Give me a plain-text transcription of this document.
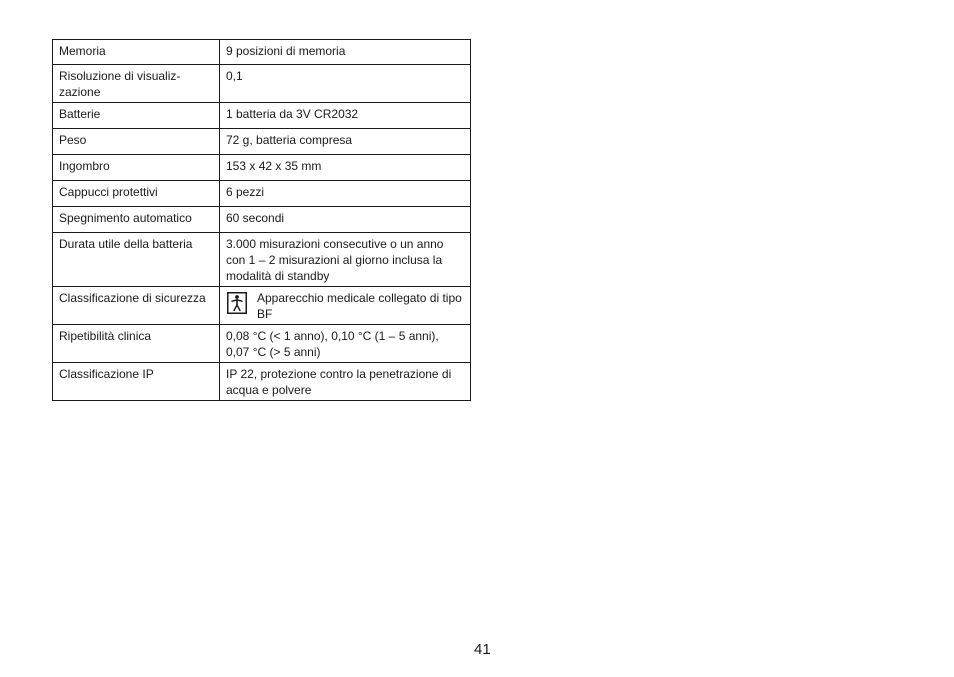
Memoria	9 posizioni di memoria

Risoluzione di visualiz-
zazione	0,1

Batterie	1 batteria da 3V CR2032

Peso	72 g, batteria compresa

Ingombro	153 x 42 x 35 mm

Cappucci protettivi	6 pezzi

Spegnimento automatico	60 secondi

Durata utile della batteria	3.000 misurazioni consecutive o un anno con 1 – 2 misurazioni al giorno inclusa la modalità di standby

Classificazione di sicurezza	Apparecchio medicale collegato di tipo BF

Ripetibilità clinica	0,08 °C (< 1 anno), 0,10 °C (1 – 5 anni), 0,07 °C (> 5 anni)

Classificazione IP	IP 22, protezione contro la penetrazione di acqua e polvere
41
